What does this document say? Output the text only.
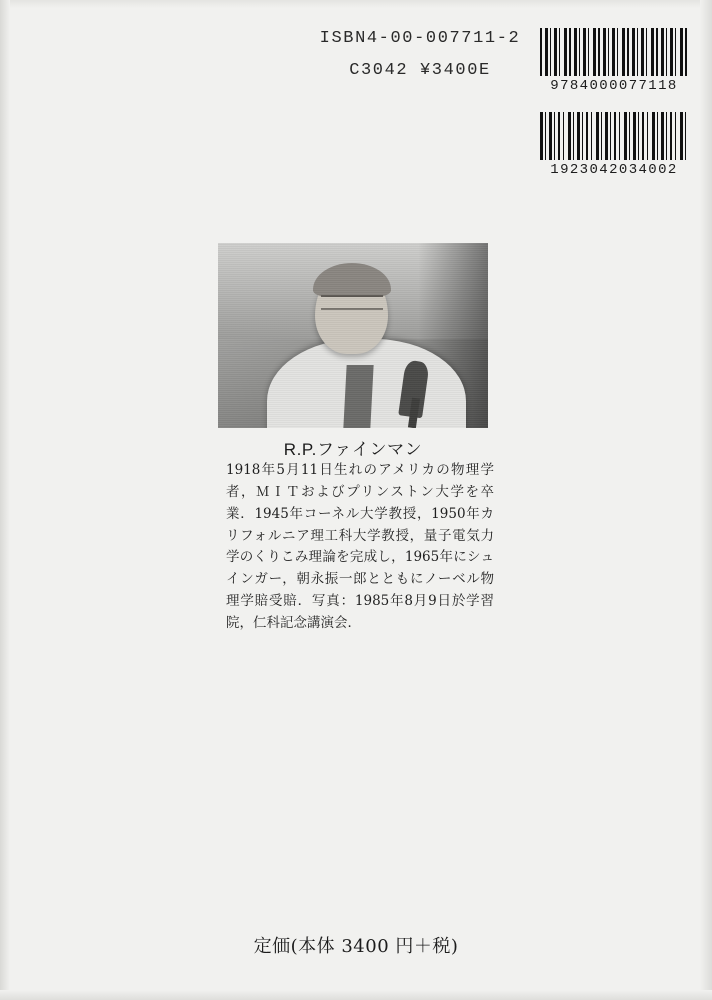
ISBN4-00-007711-2
C3042 ¥3400E
9784000077118
1923042034002
R.P.ファインマン

1918年5月11日生れのアメリカの物理学者，ＭＩＴおよびプリンストン大学を卒業．1945年コーネル大学教授，1950年カリフォルニア理工科大学教授，量子電気力学のくりこみ理論を完成し，1965年にシュインガー，朝永振一郎とともにノーベル物理学賠受賠．写真：1985年8月9日於学習院，仁科記念講演会．

定価(本体 3400 円＋税)
